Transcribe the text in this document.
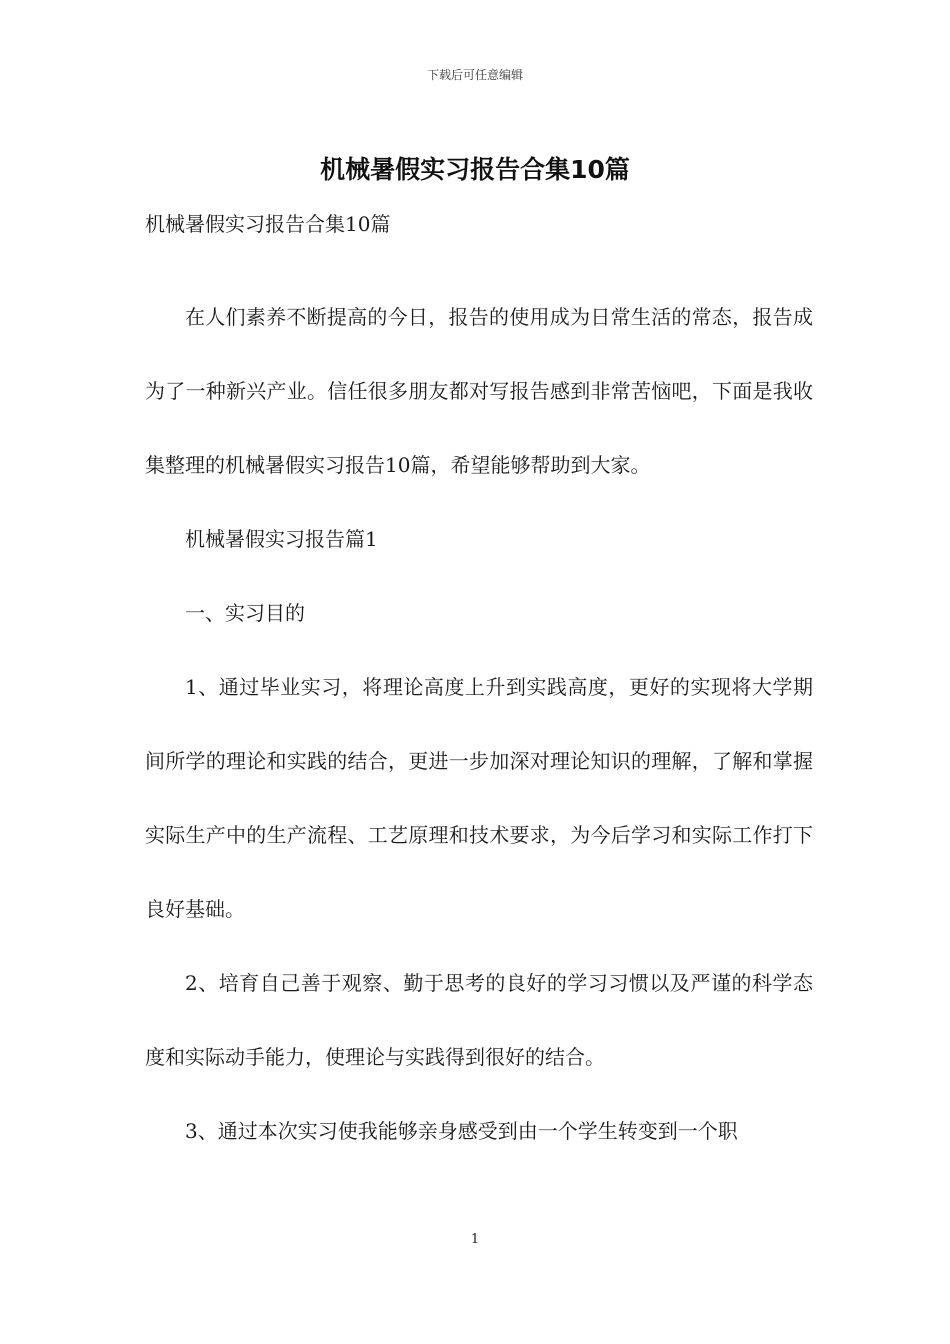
下载后可任意编辑
机械暑假实习报告合集10篇
机械暑假实习报告合集10篇

在人们素养不断提高的今日，报告的使用成为日常生活的常态，报告成为了一种新兴产业。信任很多朋友都对写报告感到非常苦恼吧，下面是我收集整理的机械暑假实习报告10篇，希望能够帮助到大家。

机械暑假实习报告篇1

一、实习目的

1、通过毕业实习，将理论高度上升到实践高度，更好的实现将大学期间所学的理论和实践的结合，更进一步加深对理论知识的理解，了解和掌握实际生产中的生产流程、工艺原理和技术要求，为今后学习和实际工作打下良好基础。

2、培育自己善于观察、勤于思考的良好的学习习惯以及严谨的科学态度和实际动手能力，使理论与实践得到很好的结合。

3、通过本次实习使我能够亲身感受到由一个学生转变到一个职

1
